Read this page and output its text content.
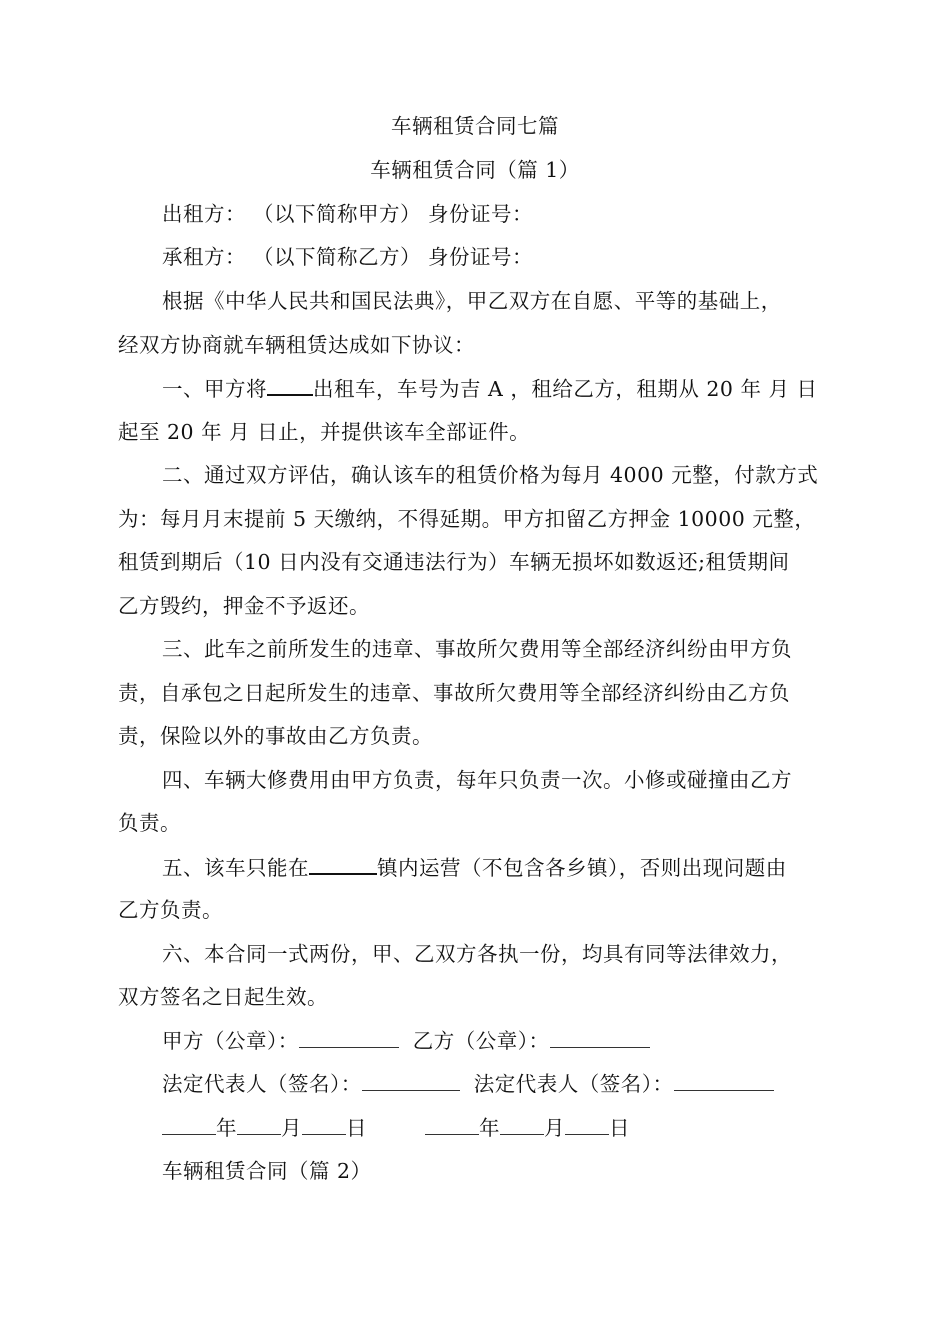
车辆租赁合同七篇
车辆租赁合同（篇 1）
出租方： （以下简称甲方） 身份证号：
承租方： （以下简称乙方） 身份证号：
根据《中华人民共和国民法典》，甲乙双方在自愿、平等的基础上，
经双方协商就车辆租赁达成如下协议：
一、甲方将 出租车，车号为吉 A ，租给乙方，租期从 20 年 月 日
起至 20 年 月 日止，并提供该车全部证件。
二、通过双方评估，确认该车的租赁价格为每月 4000 元整，付款方式
为：每月月末提前 5 天缴纳，不得延期。甲方扣留乙方押金 10000 元整，
租赁到期后（10 日内没有交通违法行为）车辆无损坏如数返还;租赁期间
乙方毁约，押金不予返还。
三、此车之前所发生的违章、事故所欠费用等全部经济纠纷由甲方负
责，自承包之日起所发生的违章、事故所欠费用等全部经济纠纷由乙方负
责，保险以外的事故由乙方负责。
四、车辆大修费用由甲方负责，每年只负责一次。小修或碰撞由乙方
负责。
五、该车只能在	镇内运营（不包含各乡镇），否则出现问题由
乙方负责。
六、本合同一式两份，甲、乙双方各执一份，均具有同等法律效力，
双方签名之日起生效。
甲方（公章）：	乙方（公章）：
法定代表人（签名）：	法定代表人（签名）：
年 月 日	年 月 日
车辆租赁合同（篇 2）
